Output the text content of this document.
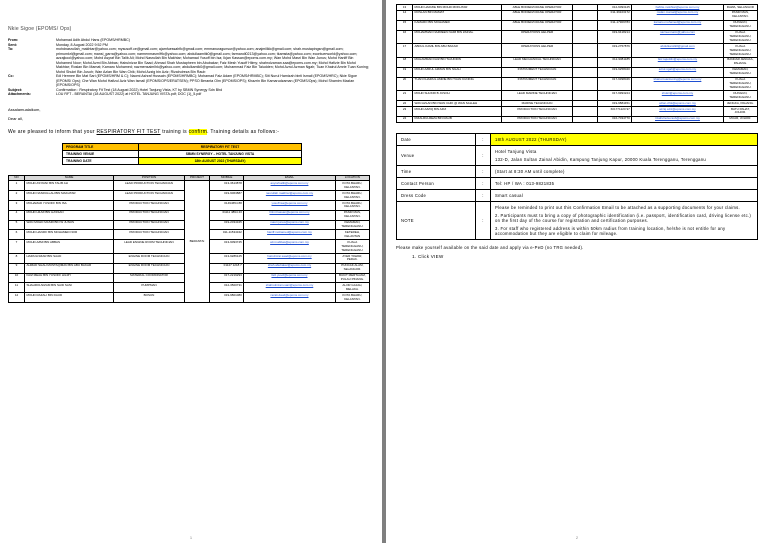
Nkie Sigoe (EPOMS/ Ops)
From:	Mohamad Adib Abdul Hans (EPOMS/HRMBC)
Sent:	Monday, 8 August 2022 9:52 PM
To:	mohdnasrullah_makhtar@yahoo.com; mysusoff.ce@gmail.com; ajamfuessahfk@gmail.com; emmanuragunsur@yahoo.com; anajmillkk@gmail.com; shah.mustapingsn@gmail.com; primumkrl@gmail.com; mansi_garra@yahoo.com; narmenmasmlHk@yahoo.com; abdullaamitk0@gmail.com; farmandi0213@yahoo.com; tkamsta@yahoo.com; econtuerworld@yahoo.com; azzajkool@yahoo.com; Mohd Asyraf Bin Talib Ali; Mohd Nasrullah Bin Makhtar; Mohamad Yusoff bin Isa; Ikjan Kassan@epoms.com.my; Wan Mohd Masri Bin Wan Junus; Mohd Hanlff Bin Mohamed Noor; Mohd Azmi Bin Abbas; Hairulnizar Bin Saad; Ahmad Shah Mustapheen bin Abubakar; Faiz Mesh Yusoff Hilmy; shahrolzaman.saa@epoms.com.my; Mohd Hafizie Bin Mohd Makhtar; Roslan Bin Mamat; Kamaro Mohamed; nazmensaimlhk@yahoo.com; abdulkamlk0@gmail.com; Muhammad Faiz Bin Taiudden; Mohd Azrul Azman Ngah; Tuan Khairul Amrie Tuan Kuning; Mohd Shukri Bin Jusoh; Wan Azlan Bin Wan Chik; Mohd Azzig bin Aziz; Rizalrulreza Bin Raub
Cc:	Edi Hermee Bin Mat Sari (EPOMS/HRM & C); Naomi Ashraf Hussain (EPOMS/HRMBC); Mohamad Faiz Adam (EPOMS/HRMBC); Siti Nurul Hamizah binti Ismail (EPOMS/HRC); Nkie Sigoe (EPOMS/ Ops); Che Wan Mohd Hafizul Aziz Wan Ismail (EPOMS/OPS/ERATSEN); PPSO Beranta Olm (EPOMS/OPS); Khazrin Bin Kamarudzaman (EPOMS/Ops); Mohd Shamim Mazlan (EPOMS/OPS)
Subject:	Confirmation : Respiratory Fit Test (18 August 2022) Hotel Tanjung Vista, KT by SBMN Synergy Sdn Bhd
Attachments:	LOU RFT - BERANTAI (18 AUGUST 2022) at HOTEL TANJUNG VISTA.pdf; DOC (1)_5.pdf
Assalamualaikum,
Dear all,
We are pleased to inform that your RESPIRATORY FIT TEST training is confirm. Training details as follows:-
PROGRAM TITLE	RESPIRATORY FIT TEST
TRAINING VENUE	SBMN SYNERGY – HOTEL TANJUNG VISTA
TRAINING DATE	18th AUGUST 2022 (THURSDAY)
NO	NAME	POSITION	PROJECT	MOBILE	EMAIL	LOCATION
1	MOHD ASYRAF BIN TALIB ALI	LEAD PRODUCTION TECHNICIAN	BERANTAI	013-3613878	asyraf.talib@epoms.com.my	KOTA BHARU, KELANTAN.
2	MOHD NASRULLAH BIN MAKHTAR	LEAD PRODUCTION TECHNICIAN		019-9063887	nasrullah.makhtar@epoms.com.my	KOTA BHARU, KELANTAN.
3	MOHAMAD YUSOFF BIN ISA	PRODUCTION TECHNICIAN		01494654 88	yusoff.isa@epoms.com.my	KOTA BHARU, KELANTAN.
4	MOHD HILMI BIN HASSAN	PRODUCTION TECHNICIAN		01111 4894 43	hilmi.hassan@epoms.com.my	PASIR MAS, KELANTAN.
5	WAN MOHD MASRI BIN W JUNUS	PRODUCTION TECHNICIAN		019-2034345	masri.junus@epoms.com.my	KEMAMAN, TERENGGANU.
6	MOHD HANIFF BIN MOHAMED NOR	PRODUCTION TECHNICIAN		011-11534342	haniff.mohamed@epoms.com.my	KETEREH, KELANTAN
7	MOHD AZMI BIN ABBAS	LEAD ENGINE ROOM TECHNICIAN		013-9093745	azmi.abbas@epoms.com.my	KUALA TERENGGANU, TERENGGANU.
8	HAIRULNIZAR BIN SAAD	ENGINE ROOM TECHNICIAN		013-9286125	hairulnizar.saad@epoms.com.my	AYER TAWAR, PERAK.
9	AHMAD SHAH MUSTAQIMAN BIN ABU BAKAR	ENGINE ROOM TECHNICIAN		01127 1218 7	shah.abubakar@epoms.com.my	PUNCAK ALAM, SELANGOR.
10	FAIZ MEAH BIN YUSOFF HILMY	MATERIAL COORDINATOR		017-2219293	faiz.yusof@epoms.com.my	BUKIT MERTAJAM, PULAU PINANG.
11	SHAHROLNIZAM BIN SAID SANI	PUMPMAN		012-3500731	shahrolnizam.sani@epoms.com.my	ALOR GAJAH, MELAKA.
12	MOHD RAZALI BIN DAUD	BOSUN		019-9801080	razali.daud@epoms.com.my	KOTA BHARU, KELANTAN.
1
13	MOHD HAFIZIE BIN MOHD MOKHTAR	ABLE BODIED/CRANE OPERATOR		012-6093125	hafizie.mokhtar@epoms.com.my	RAWA, SELANGOR
14	ROSLAN BIN MAMAT	ABLE BODIED/CRANE OPERATOR		011-39103172	roslan.mamat@epoms.com.my	PASIR MAS, KELANTAN.
15	KAMARO BIN MOHAMED	ABLE BODIED/CRANE OPERATOR		011-17909783	kamaro.mohamed@epoms.com.my	DUNGUN, TERENGGANU.
16	MOHAMMAD NAZREEN NAIM BIN ZAINAL	OPERATIONS HELPER		019-9418214	nazreennaim@yahoo.com	KUALA TERENGGANU, TERENGGANU.
17	ABDUL KAMIL BIN ABU BAKAR	OPERATIONS HELPER		019-2757876	abdulkamilk0@gmail.com	KUALA TERENGGANU, TERENGGANU.
18	MUHAMMAD FAIZ BIN TAJUDDIN	LEAD MECHANICAL TECHNICIAN		012-9081185	faiz.tajuddin@epoms.com.my	BANDAR JENGKA, PAHANG.
19	MOHD AZRUL AZMAN BIN NGAH	INSTRUMENT TECHNICIAN		019-9258040	azrul.ngah@epoms.com.my	KEMAMAN, TERENGGANU.
20	TUAN KHAIRUL AMRIE BIN TUAN KUNING	INSTRUMENT TECHNICIAN		017-9398046	khairul.tuankuning@epoms.com.my	KUALA TERENGGANU, TERENGGANU.
21	MOHD SHUKRI B JUSOH	LEAD MARINE TECHNICIAN		017-9993224	shukri@epoms.com.my	DUNGUN, TERENGGANU.
22	WAN AZLAN BIN WAN CHIK @ WAN SALLEH	MARINE TECHNICIAN		019-9884451	azlan.chik@epoms.com.my	JENGKA, PAHANG.
23	MOHD AZZIQ BIN AZIZ	PRODUCTION TECHNICIAN		601771220 97	azziq.aziz@epoms.com.my	BATU PAHAT, JOHOR.
24	RIZALRULREZA BIN RAUB	PRODUCTION TECHNICIAN		016-7034770	rizalrulreza.raub@epoms.com.my	MUAR, JOHOR.
Date	:	18th AUGUST 2022 (THURSDAY)
Venue	:	Hotel Tanjung Vista
132-D, Jalan Sultan Zainal Abidin, Kampung Tanjung Kapur, 20000 Kuala Terengganu, Terengganu

Time	:	(Start at 8:30 AM until complete)
Contact Person	:	Tel: HP / WA : 013-9821835
Dress Code	:	Smart casual
NOTE	:	Please be reminded to print out this Confirmation Email to be attached as a supporting documents for your claims.

2. Participants must to bring a copy of photographic identification (i.e. passport, identification card, driving license etc.) on the first day of the course for registration and certification purposes.

3. For staff who registered address is within 50km radius from training location, he/she is not entitle for any accommodation but they are eligible to claim for mileage.

Please make yourself available on the said date and apply via e-PeD (no TRG needed).
1. Click VIEW
2
